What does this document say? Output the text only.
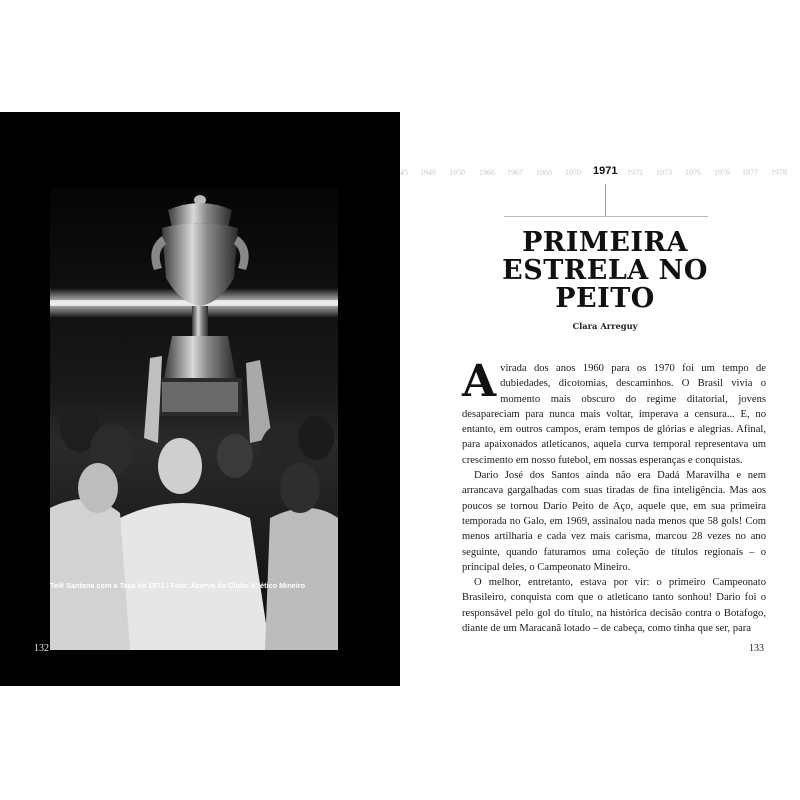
Telê Santana com a Taça de 1971 / Foto: Acervo do Clube Atlético Mineiro
132
45 1949 1950 1966 1967 1968 1970 1971 1972 1973 1976 1976 1977 1978
PRIMEIRA
ESTRELA NO
PEITO
Clara Arreguy

Avirada dos anos 1960 para os 1970 foi um tempo de dubiedades, dicotomias, descaminhos. O Brasil vivia o momento mais obscuro do regime ditatorial, jovens desapareciam para nunca mais voltar, imperava a censura... E, no entanto, em outros campos, eram tempos de glórias e alegrias. Afinal, para apaixonados atleticanos, aquela curva temporal representava um crescimento em nosso futebol, em nossas esperanças e conquistas.

Dario José dos Santos ainda não era Dadá Maravilha e nem arrancava gargalhadas com suas tiradas de fina inteligência. Mas aos poucos se tornou Dario Peito de Aço, aquele que, em sua primeira temporada no Galo, em 1969, assinalou nada menos que 58 gols! Com menos artilharia e cada vez mais carisma, marcou 28 vezes no ano seguinte, quando faturamos uma coleção de títulos regionais – o principal deles, o Campeonato Mineiro.

O melhor, entretanto, estava por vir: o primeiro Campeonato Brasileiro, conquista com que o atleticano tanto sonhou! Dario foi o responsável pelo gol do título, na histórica decisão contra o Botafogo, diante de um Maracanã lotado – de cabeça, como tinha que ser, para

133
